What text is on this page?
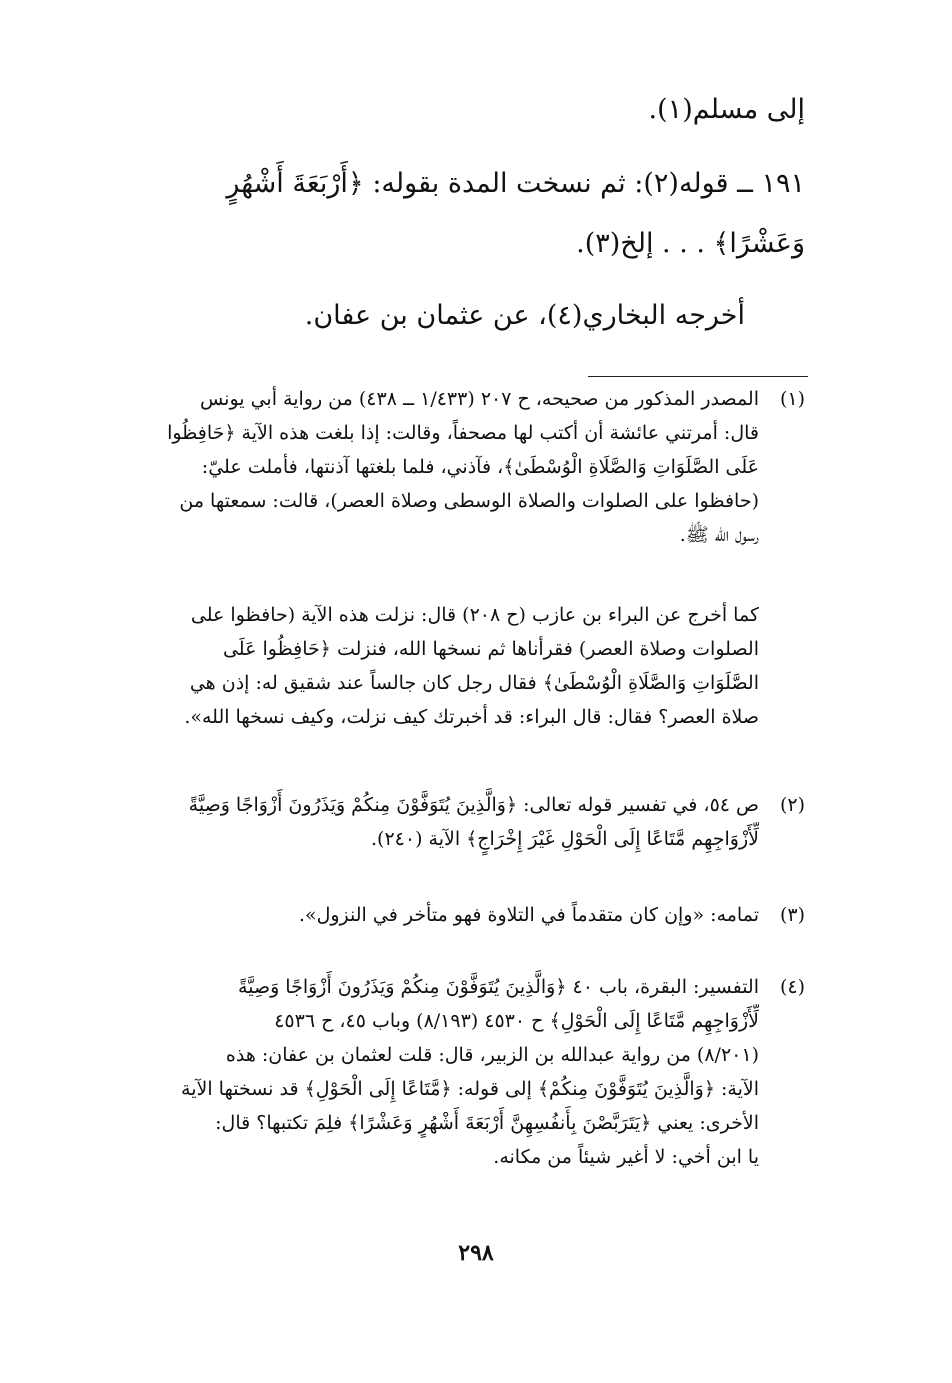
إلى مسلم(١).
١٩١ ــ قوله(٢): ثم نسخت المدة بقوله: ﴿أَرْبَعَةَ أَشْهُرٍ
وَعَشْرًا﴾ . . . إلخ(٣).
أخرجه البخاري(٤)، عن عثمان بن عفان.
(١)
المصدر المذكور من صحيحه، ح ٢٠٧ (١/٤٣٣ ــ ٤٣٨) من رواية أبي يونس
قال: أمرتني عائشة أن أكتب لها مصحفاً، وقالت: إذا بلغت هذه الآية ﴿حَافِظُوا
عَلَى الصَّلَوَاتِ وَالصَّلَاةِ الْوُسْطَىٰ﴾، فآذني، فلما بلغتها آذنتها، فأملت عليّ:
(حافظوا على الصلوات والصلاة الوسطى وصلاة العصر)، قالت: سمعتها من
رسول الله ﷺ.
كما أخرج عن البراء بن عازب (ح ٢٠٨) قال: نزلت هذه الآية (حافظوا على
الصلوات وصلاة العصر) فقرأناها ثم نسخها الله، فنزلت ﴿حَافِظُوا عَلَى
الصَّلَوَاتِ وَالصَّلَاةِ الْوُسْطَىٰ﴾ فقال رجل كان جالساً عند شقيق له: إذن هي
صلاة العصر؟ فقال: قال البراء: قد أخبرتك كيف نزلت، وكيف نسخها الله».
(٢)
ص ٥٤، في تفسير قوله تعالى: ﴿وَالَّذِينَ يُتَوَفَّوْنَ مِنكُمْ وَيَذَرُونَ أَزْوَاجًا وَصِيَّةً
لِّأَزْوَاجِهِم مَّتَاعًا إِلَى الْحَوْلِ غَيْرَ إِخْرَاجٍ﴾ الآية (٢٤٠).
(٣)
تمامه: «وإن كان متقدماً في التلاوة فهو متأخر في النزول».
(٤)
التفسير: البقرة، باب ٤٠ ﴿وَالَّذِينَ يُتَوَفَّوْنَ مِنكُمْ وَيَذَرُونَ أَزْوَاجًا وَصِيَّةً
لِّأَزْوَاجِهِم مَّتَاعًا إِلَى الْحَوْلِ﴾ ح ٤٥٣٠ (٨/١٩٣) وباب ٤٥، ح ٤٥٣٦
(٨/٢٠١) من رواية عبدالله بن الزبير، قال: قلت لعثمان بن عفان: هذه
الآية: ﴿وَالَّذِينَ يُتَوَفَّوْنَ مِنكُمْ﴾ إلى قوله: ﴿مَّتَاعًا إِلَى الْحَوْلِ﴾ قد نسختها الآية
الأخرى: يعني ﴿يَتَرَبَّصْنَ بِأَنفُسِهِنَّ أَرْبَعَةَ أَشْهُرٍ وَعَشْرًا﴾ فلِمَ تكتبها؟ قال:
يا ابن أخي: لا أغير شيئاً من مكانه.
٢٩٨
